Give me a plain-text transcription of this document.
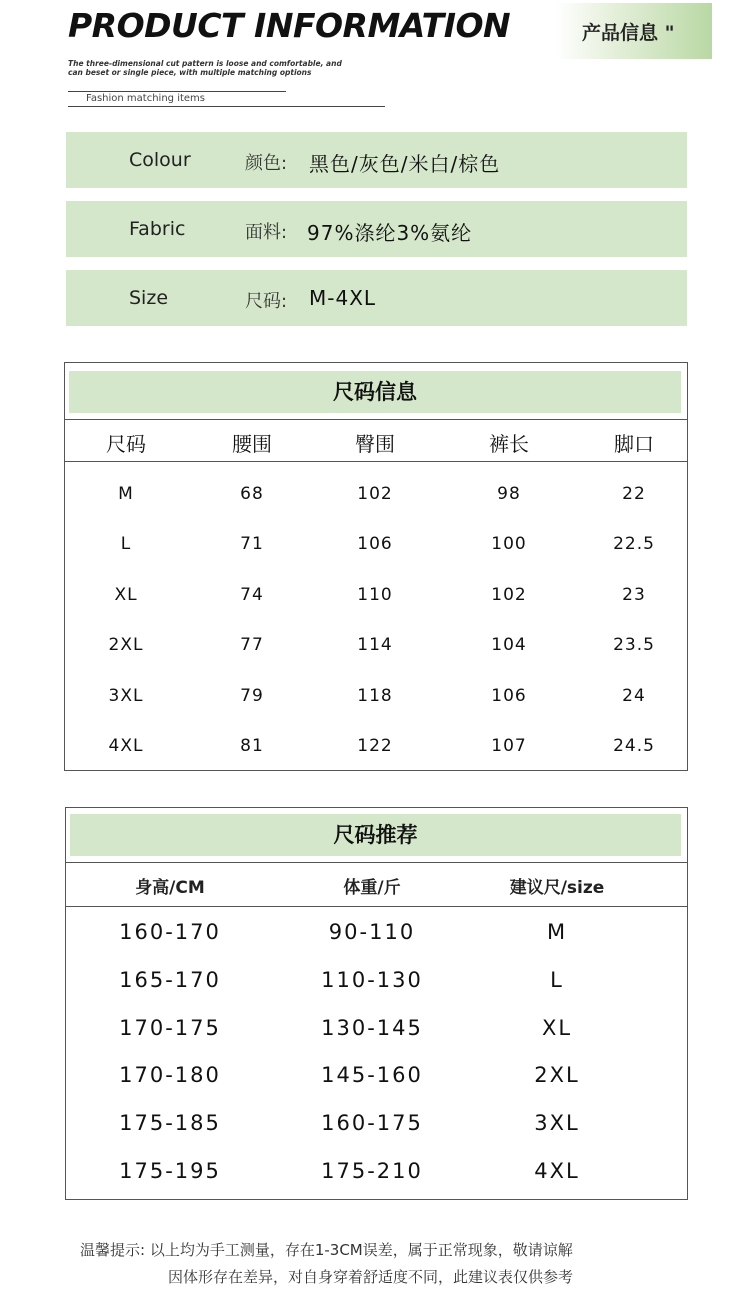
PRODUCT INFORMATION	产品信息 "
The three-dimensional cut pattern is loose and comfortable, and
can beset or single piece, with multiple matching options
Fashion matching items
Colour	颜色: 黑色/灰色/米白/棕色
Fabric	面料: 97%涤纶3%氨纶
Size	尺码: M-4XL
尺码信息
尺码	腰围	臀围	裤长	脚口
M	68	102	98	22
L	71	106	100	22.5
XL	74	110	102	23
2XL	77	114	104	23.5
3XL	79	118	106	24
4XL	81	122	107	24.5
尺码推荐
身高/CM	体重/斤	建议尺/size
160-170	90-110	M
165-170	110-130	L
170-175	130-145	XL
170-180	145-160	2XL
175-185	160-175	3XL
175-195	175-210	4XL
温馨提示: 以上均为手工测量，存在1-3CM误差，属于正常现象，敬请谅解
因体形存在差异，对自身穿着舒适度不同，此建议表仅供参考
